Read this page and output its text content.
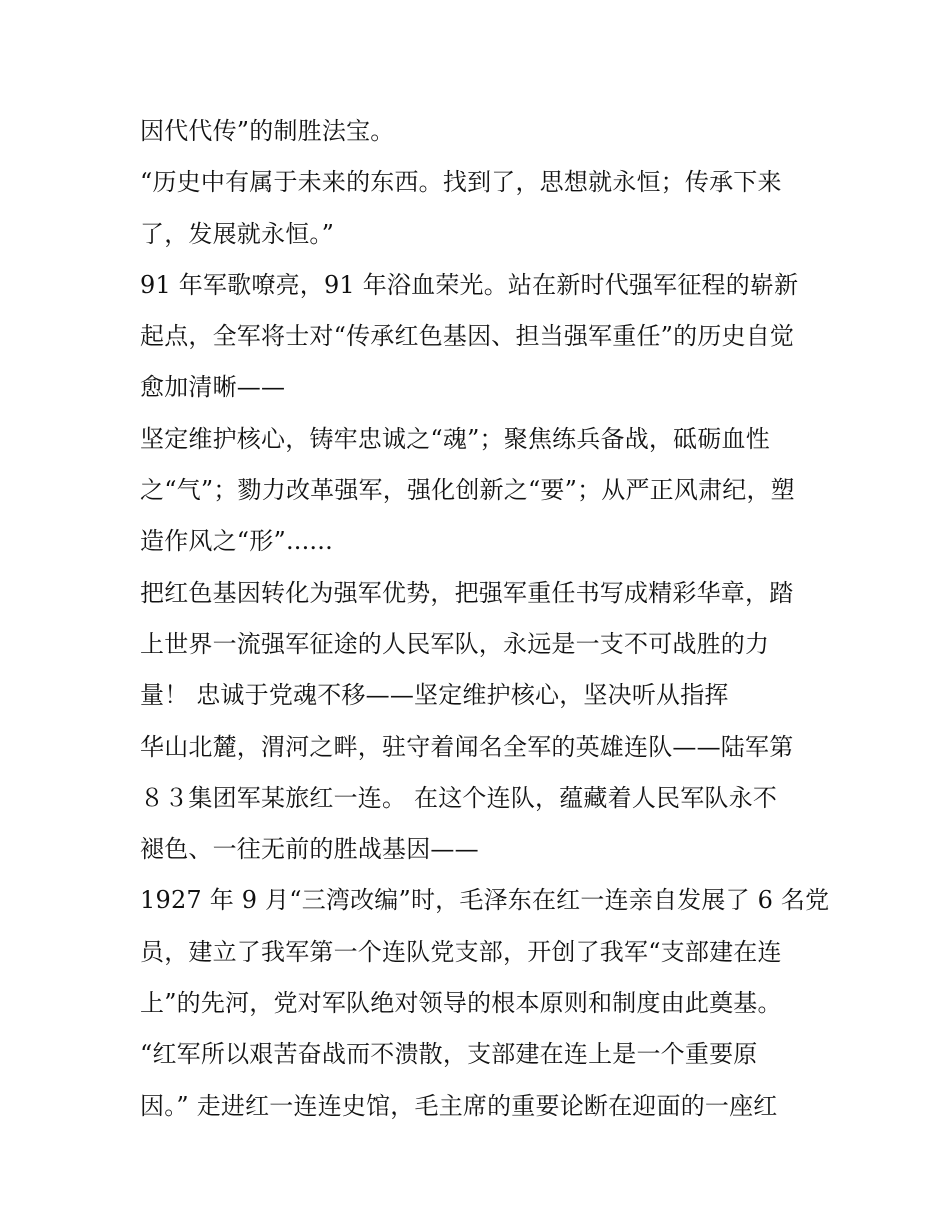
因代代传”的制胜法宝。
“历史中有属于未来的东西。找到了，思想就永恒；传承下来
了，发展就永恒。”
91 年军歌嘹亮，91 年浴血荣光。站在新时代强军征程的崭新
起点，全军将士对“传承红色基因、担当强军重任”的历史自觉
愈加清晰——
坚定维护核心，铸牢忠诚之“魂”；聚焦练兵备战，砥砺血性
之“气”；勠力改革强军，强化创新之“要”；从严正风肃纪，塑
造作风之“形”......
把红色基因转化为强军优势，把强军重任书写成精彩华章，踏
上世界一流强军征途的人民军队，永远是一支不可战胜的力
量！ 忠诚于党魂不移——坚定维护核心，坚决听从指挥
华山北麓，渭河之畔，驻守着闻名全军的英雄连队——陆军第
８３集团军某旅红一连。 在这个连队，蕴藏着人民军队永不
褪色、一往无前的胜战基因——
1927 年 9 月“三湾改编”时，毛泽东在红一连亲自发展了 6 名党
员，建立了我军第一个连队党支部，开创了我军“支部建在连
上”的先河，党对军队绝对领导的根本原则和制度由此奠基。
“红军所以艰苦奋战而不溃散，支部建在连上是一个重要原
因。” 走进红一连连史馆，毛主席的重要论断在迎面的一座红
